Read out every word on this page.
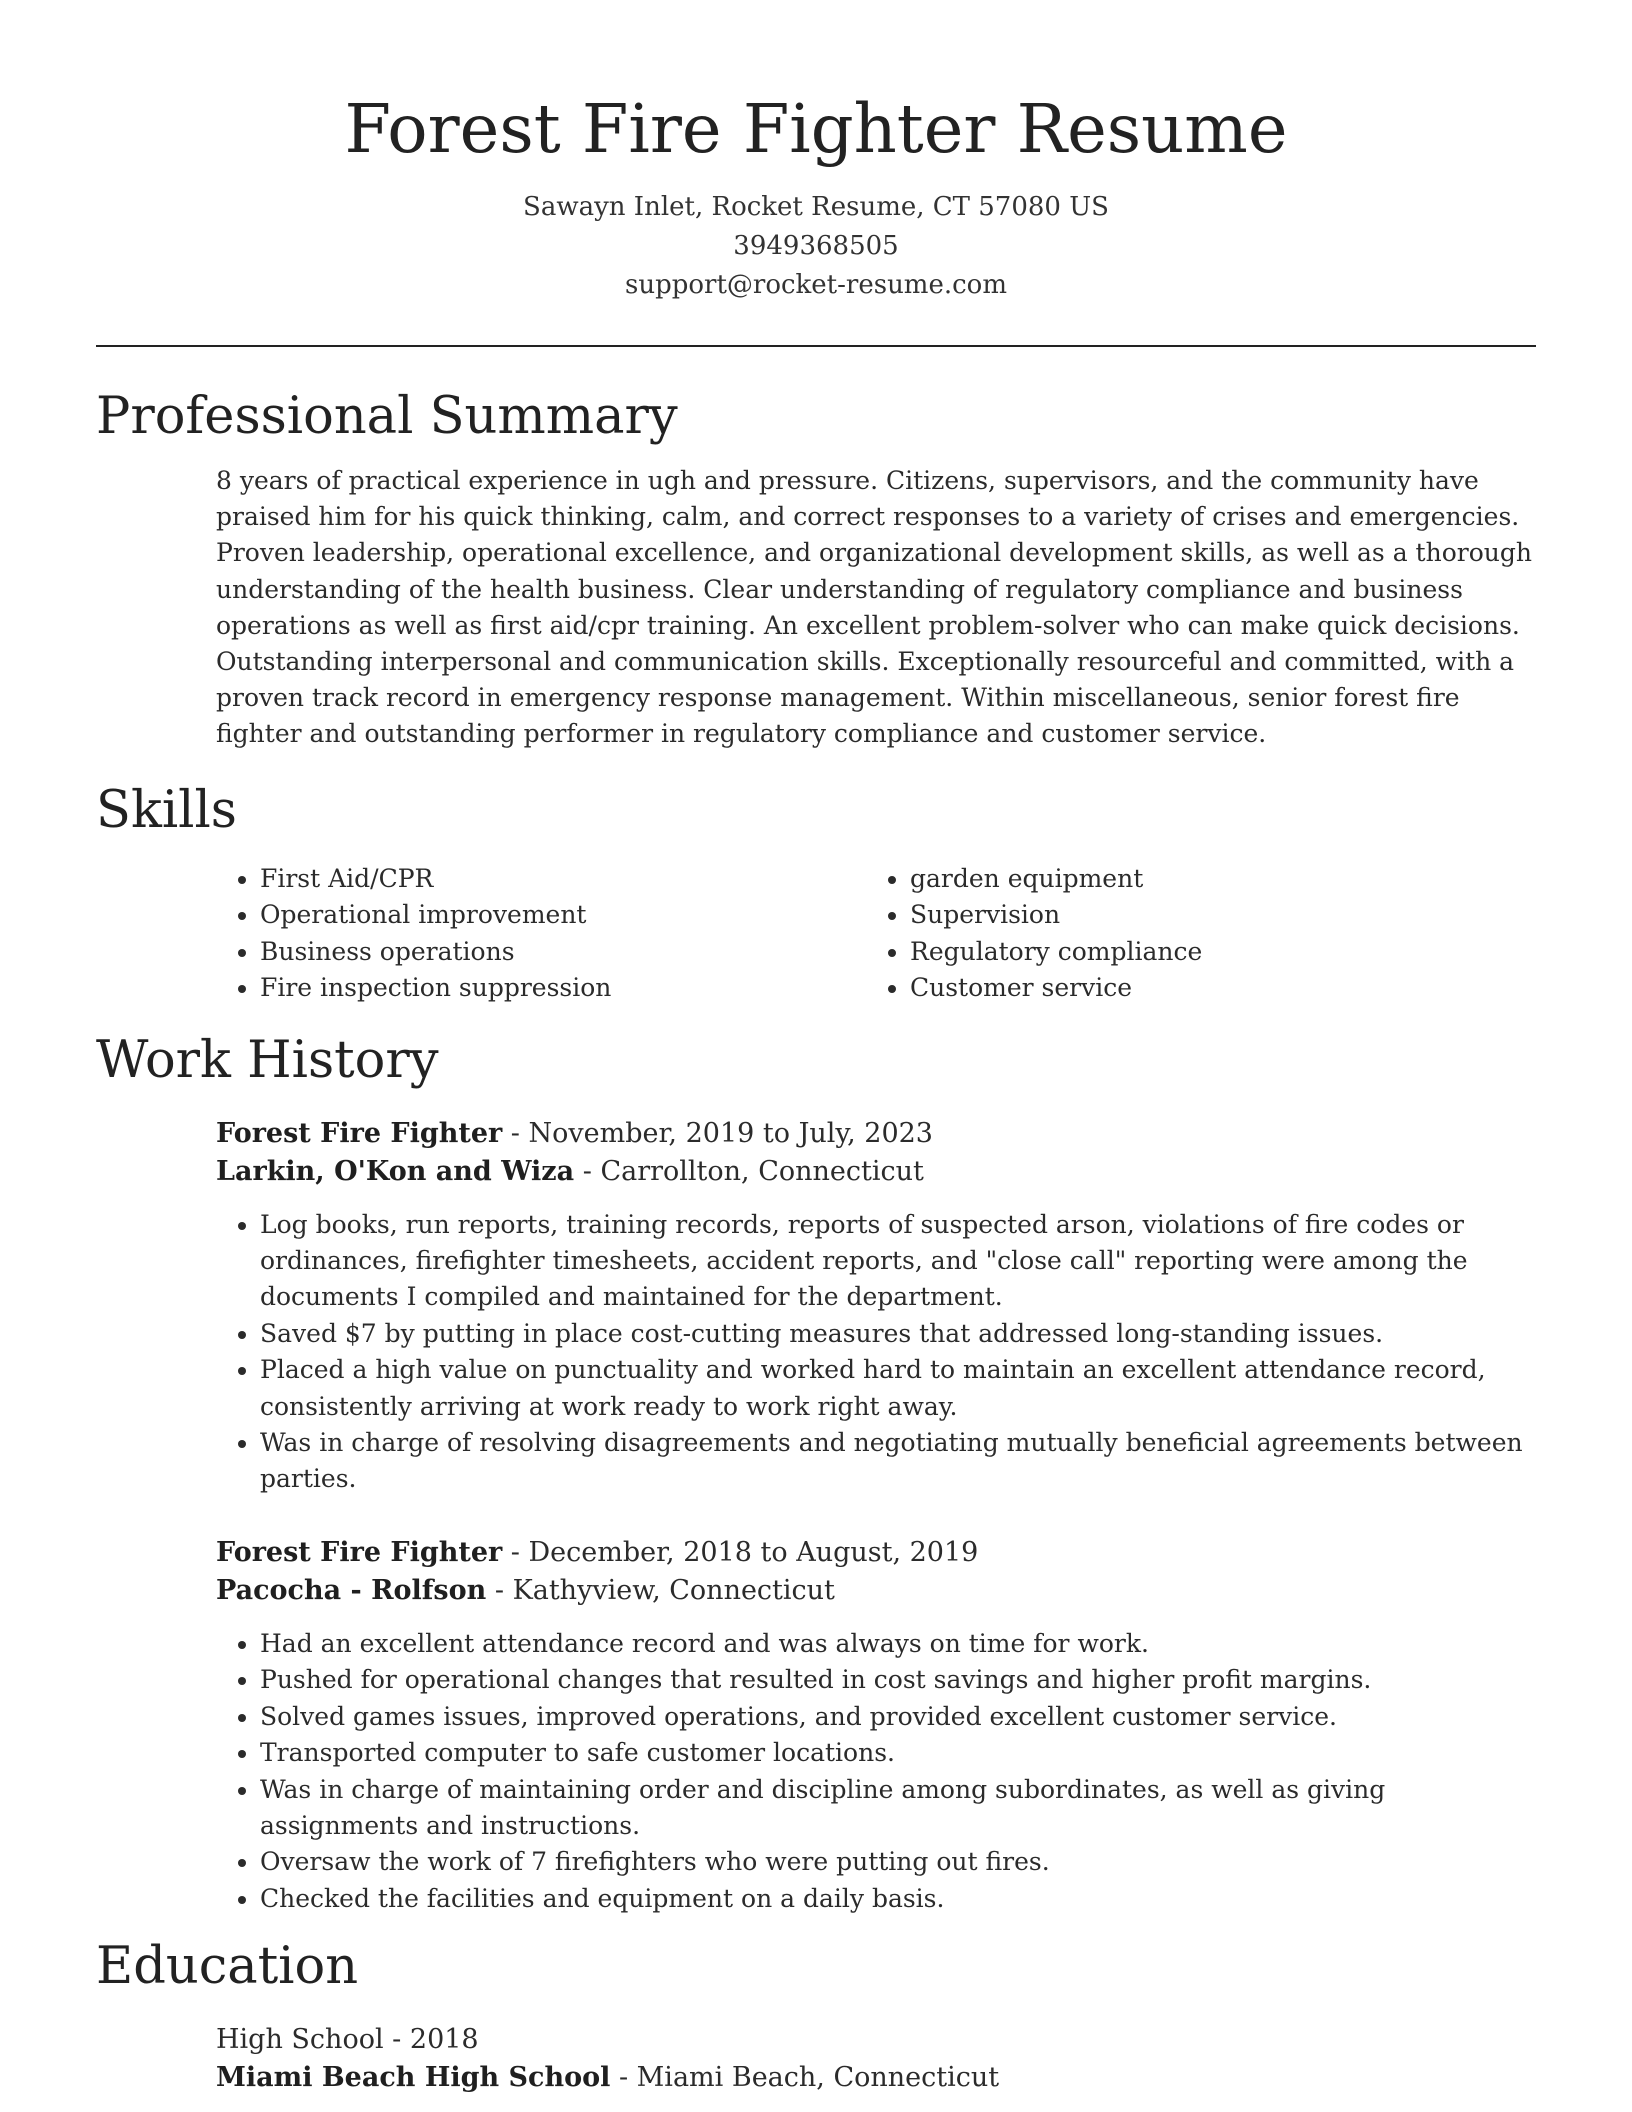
Forest Fire Fighter Resume
Sawayn Inlet, Rocket Resume, CT 57080 US
3949368505
support@rocket-resume.com
Professional Summary

8 years of practical experience in ugh and pressure. Citizens, supervisors, and the community have praised him for his quick thinking, calm, and correct responses to a variety of crises and emergencies. Proven leadership, operational excellence, and organizational development skills, as well as a thorough understanding of the health business. Clear understanding of regulatory compliance and business operations as well as first aid/cpr training. An excellent problem-solver who can make quick decisions. Outstanding interpersonal and communication skills. Exceptionally resourceful and committed, with a proven track record in emergency response management. Within miscellaneous, senior forest fire fighter and outstanding performer in regulatory compliance and customer service.

Skills
• First Aid/CPR
• Operational improvement
• Business operations
• Fire inspection suppression
• garden equipment
• Supervision
• Regulatory compliance
• Customer service
Work History
Forest Fire Fighter - November, 2019 to July, 2023
Larkin, O'Kon and Wiza - Carrollton, Connecticut
• Log books, run reports, training records, reports of suspected arson, violations of fire codes or ordinances, firefighter timesheets, accident reports, and "close call" reporting were among the documents I compiled and maintained for the department.
• Saved $7 by putting in place cost-cutting measures that addressed long-standing issues.
• Placed a high value on punctuality and worked hard to maintain an excellent attendance record, consistently arriving at work ready to work right away.
• Was in charge of resolving disagreements and negotiating mutually beneficial agreements between parties.
Forest Fire Fighter - December, 2018 to August, 2019
Pacocha - Rolfson - Kathyview, Connecticut
• Had an excellent attendance record and was always on time for work.
• Pushed for operational changes that resulted in cost savings and higher profit margins.
• Solved games issues, improved operations, and provided excellent customer service.
• Transported computer to safe customer locations.
• Was in charge of maintaining order and discipline among subordinates, as well as giving assignments and instructions.
• Oversaw the work of 7 firefighters who were putting out fires.
• Checked the facilities and equipment on a daily basis.
Education
High School - 2018
Miami Beach High School - Miami Beach, Connecticut
